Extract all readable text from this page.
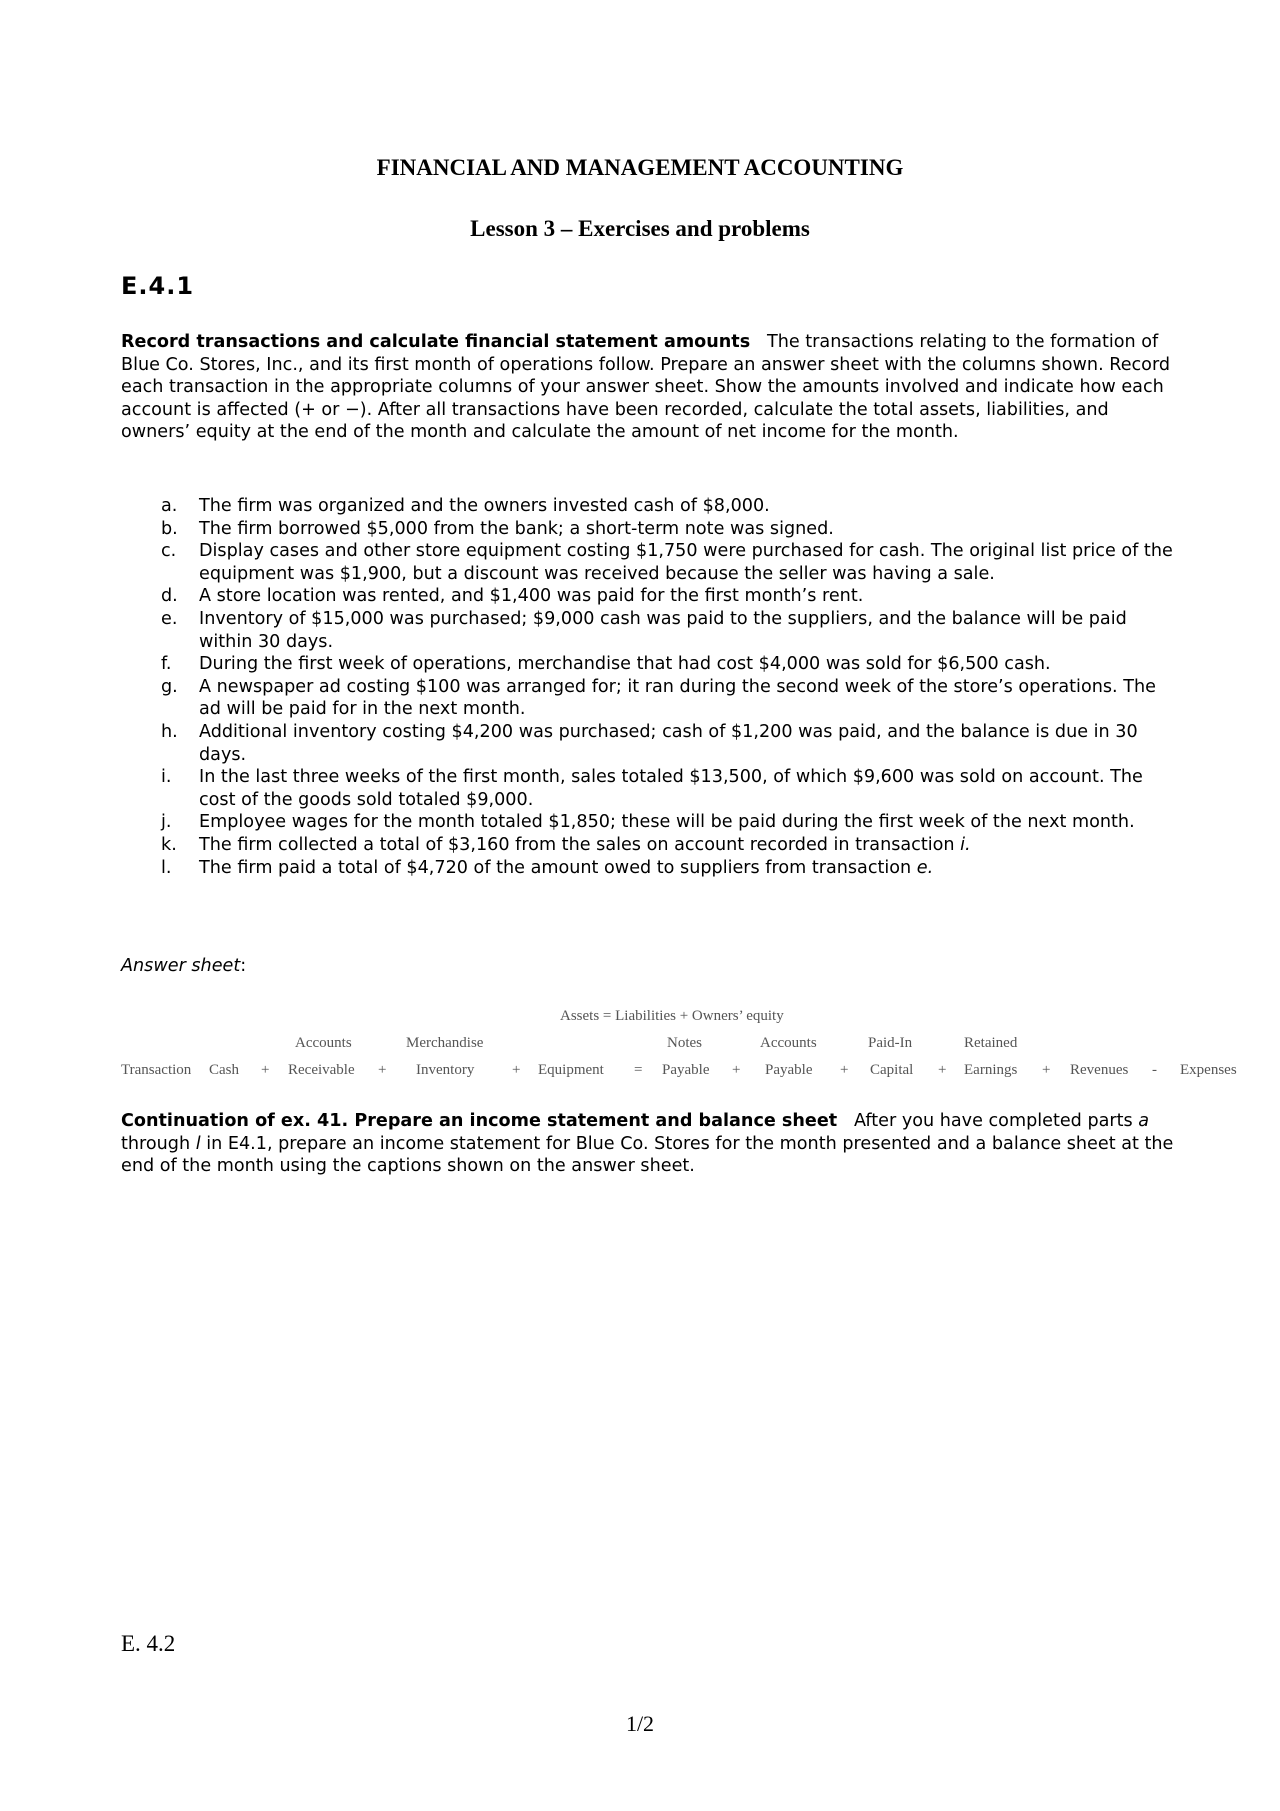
FINANCIAL AND MANAGEMENT ACCOUNTING
Lesson 3 – Exercises and problems
E.4.1

Record transactions and calculate financial statement amounts The transactions relating to the formation of Blue Co. Stores, Inc., and its first month of operations follow. Prepare an answer sheet with the columns shown. Record each transaction in the appropriate columns of your answer sheet. Show the amounts involved and indicate how each account is affected (+ or −). After all transactions have been recorded, calculate the total assets, liabilities, and owners’ equity at the end of the month and calculate the amount of net income for the month.

a.	The firm was organized and the owners invested cash of $8,000.
b.	The firm borrowed $5,000 from the bank; a short-term note was signed.
c.	Display cases and other store equipment costing $1,750 were purchased for cash. The original list price of the equipment was $1,900, but a discount was received because the seller was having a sale.
d.	A store location was rented, and $1,400 was paid for the first month’s rent.
e.	Inventory of $15,000 was purchased; $9,000 cash was paid to the suppliers, and the balance will be paid within 30 days.
f.	During the first week of operations, merchandise that had cost $4,000 was sold for $6,500 cash.
g.	A newspaper ad costing $100 was arranged for; it ran during the second week of the store’s operations. The ad will be paid for in the next month.
h.	Additional inventory costing $4,200 was purchased; cash of $1,200 was paid, and the balance is due in 30 days.
i.	In the last three weeks of the first month, sales totaled $13,500, of which $9,600 was sold on account. The cost of the goods sold totaled $9,000.
j.	Employee wages for the month totaled $1,850; these will be paid during the first week of the next month.
k.	The firm collected a total of $3,160 from the sales on account recorded in transaction i.
l.	The firm paid a total of $4,720 of the amount owed to suppliers from transaction e.
Answer sheet:
Assets = Liabilities + Owners’ equity
Accounts	Merchandise	Notes	Accounts	Paid-In	Retained
Transaction Cash + Receivable + Inventory	+ Equipment = Payable + Payable + Capital + Earnings + Revenues - Expenses

Continuation of ex. 41. Prepare an income statement and balance sheet After you have completed parts a through l in E4.1, prepare an income statement for Blue Co. Stores for the month presented and a balance sheet at the end of the month using the captions shown on the answer sheet.

E. 4.2
1/2
